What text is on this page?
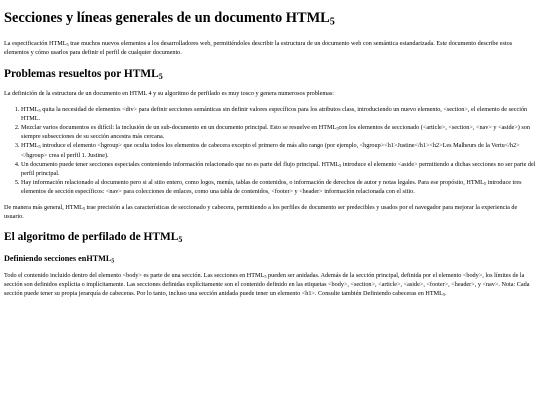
Secciones y líneas generales de un documento $HTML_5$

La especificación $HTML_5$ trae muchos nuevos elementos a los desarrolladores web, permitiéndoles describir la estructura de un documento web con semántica estandarizada. Este documento describe estos elementos y cómo usarlos para definir el perfil de cualquier documento.

Problemas resueltos por $HTML_5$

La definición de la estructura de un documento en HTML 4 y su algoritmo de perfilado es muy tosco y genera numerosos problemas:

1. $HTML_5$ quita la necesidad de elementos <div> para definir secciones semánticas sin definir valores específicos para los atributos class, introduciendo un nuevo elemento, <section>, el elemento de sección HTML.
2. Mezclar varios documentos es difícil: la inclusión de un sub-documento en un documento principal. Esto se resuelve en $HTML_5con$ los elementos de seccionado (<article>, <section>, <nav> y <aside>) son siempre subsecciones de su sección ancestra más cercana.
3. $HTML_5$ introduce el elemento <hgroup> que oculta todos los elementos de cabecera excepto el primero de más alto rango (por ejemplo, <hgroup><h1>Justine</h1><h2>Les Malheurs de la Vertu</h2></hgroup> crea el perfil 1. Justine).
4. Un documento puede tener secciones especiales conteniendo información relacionado que no es parte del flujo principal. $HTML_5$ introduce el elemento <aside> permitiendo a dichas secciones no ser parte del perfil principal.
5. Hay información relacionado al documento pero si al sitio entero, como logos, menús, tablas de contenidos, o información de derechos de autor y notas legales. Para ese propósito, $HTML_5$ introduce tres elementos de sección específicos: <nav> para colecciones de enlaces, como una tabla de contenidos, <footer> y <header> información relacionada con el sitio.

De manera más general, $HTML_5$ trae precisión a las características de seccionado y cabecera, permitiendo a los perfiles de documento ser predecibles y usados por el navegador para mejorar la experiencia de usuario.

El algoritmo de perfilado de $HTML_5$
Definiendo secciones enHTML$_5$

Todo el contenido incluido dentro del elemento <body> es parte de una sección. Las secciones en $HTML_5$ pueden ser anidadas. Además de la sección principal, definida por el elemento <body>, los límites de la sección son definidos explícita o implícitamente. Las secciones definidas explícitamente son el contenido definido en las etiquetas <body>, <section>, <article>, <aside>, <footer>, <header>, y <nav>. Nota: Cada sección puede tener su propia jerarquía de cabeceras. Por lo tanto, incluso una sección anidada puede tener un elemento <h1>. Consulte también Definiendo cabeceras en $HTML_5$.
